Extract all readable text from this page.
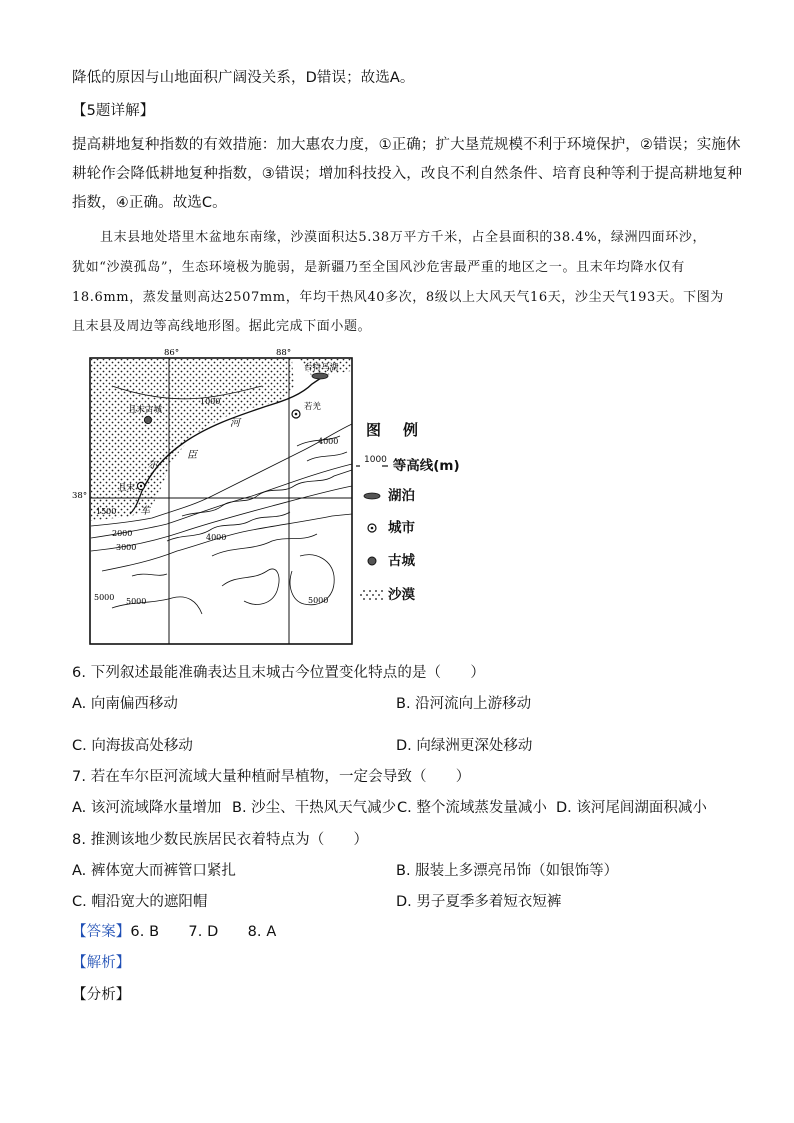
降低的原因与山地面积广阔没关系，D错误；故选A。
【5题详解】
提高耕地复种指数的有效措施：加大惠农力度，①正确；扩大垦荒规模不利于环境保护，②错误；实施休
耕轮作会降低耕地复种指数，③错误；增加科技投入，改良不利自然条件、培育良种等利于提高耕地复种
指数，④正确。故选C。
且末县地处塔里木盆地东南缘，沙漠面积达5.38万平方千米，占全县面积的38.4%，绿洲四面环沙，
犹如“沙漠孤岛”，生态环境极为脆弱，是新疆乃至全国风沙危害最严重的地区之一。且末年均降水仅有
18.6mm，蒸发量则高达2507mm，年均干热风40多次，8级以上大风天气16天，沙尘天气193天。下图为
且末县及周边等高线地形图。据此完成下面小题。
86°	88°
38°
台特马湖
若羌
且末古城
且末
河
臣
尔
车
1000
1500
2000
3000
4000
4000
5000 5000	5000
图例
1000 等高线(m)
湖泊
城市
古城
沙漠
6. 下列叙述最能准确表达且末城古今位置变化特点的是（　　）
A. 向南偏西移动	B. 沿河流向上游移动
C. 向海拔高处移动	D. 向绿洲更深处移动
7. 若在车尔臣河流域大量种植耐旱植物，一定会导致（　　）
A. 该河流域降水量增加 B. 沙尘、干热风天气减少 C. 整个流域蒸发量减小 D. 该河尾闾湖面积减小
8. 推测该地少数民族居民衣着特点为（　　）
A. 裤体宽大而裤管口紧扎	B. 服装上多漂亮吊饰（如银饰等）
C. 帽沿宽大的遮阳帽	D. 男子夏季多着短衣短裤
【答案】6. B　　7. D　　8. A
【解析】
【分析】
